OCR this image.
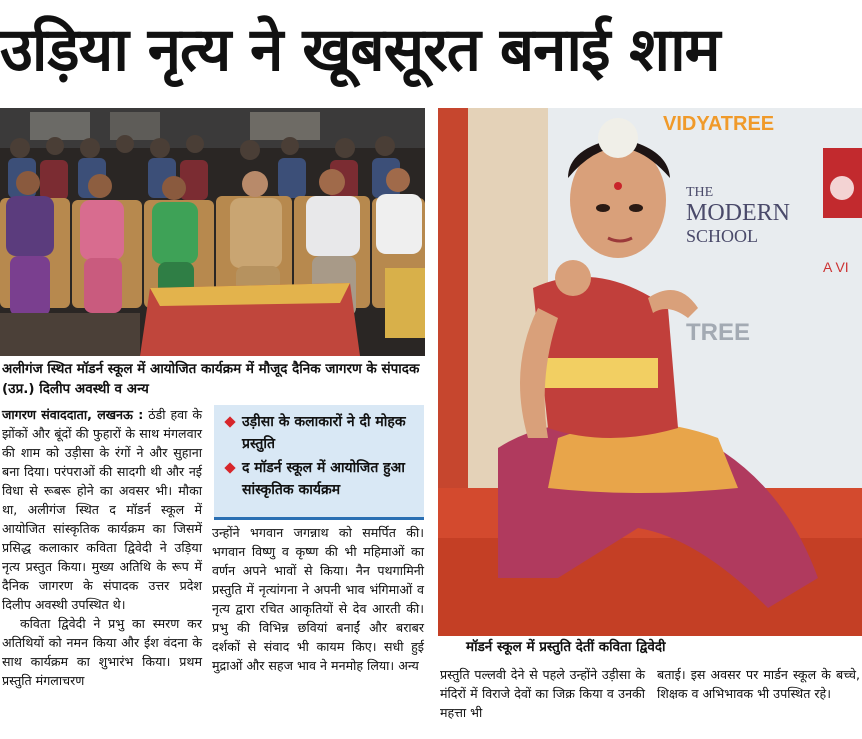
उड़िया नृत्य ने खूबसूरत बनाई शाम
अलीगंज स्थित मॉडर्न स्कूल में आयोजित कार्यक्रम में मौजूद दैनिक जागरण के संपादक (उप्र.) दिलीप अवस्थी व अन्य
VIDYATREE
THE
MODERN
SCHOOL
A VI
TREE
मॉडर्न स्कूल में प्रस्तुति देतीं कविता द्विवेदी

जागरण संवाददाता, लखनऊ : ठंडी हवा के झोंकों और बूंदों की फुहारों के साथ मंगलवार की शाम को उड़ीसा के रंगों ने और सुहाना बना दिया। परंपराओं की सादगी थी और नई विधा से रूबरू होने का अवसर भी। मौका था, अलीगंज स्थित द मॉडर्न स्कूल में आयोजित सांस्कृतिक कार्यक्रम का जिसमें प्रसिद्ध कलाकार कविता द्विवेदी ने उड़िया नृत्य प्रस्तुत किया। मुख्य अतिथि के रूप में दैनिक जागरण के संपादक उत्तर प्रदेश दिलीप अवस्थी उपस्थित थे।

कविता द्विवेदी ने प्रभु का स्मरण कर अतिथियों को नमन किया और ईश वंदना के साथ कार्यक्रम का शुभारंभ किया। प्रथम प्रस्तुति मंगलाचरण

उड़ीसा के कलाकारों ने दी मोहक प्रस्तुति
द मॉडर्न स्कूल में आयोजित हुआ सांस्कृतिक कार्यक्रम

उन्होंने भगवान जगन्नाथ को समर्पित की। भगवान विष्णु व कृष्ण की भी महिमाओं का वर्णन अपने भावों से किया। नैन पथगामिनी प्रस्तुति में नृत्यांगना ने अपनी भाव भंगिमाओं व नृत्य द्वारा रचित आकृतियों से देव आरती की। प्रभु की विभिन्न छवियां बनाईं और बराबर दर्शकों से संवाद भी कायम किए। सधी हुई मुद्राओं और सहज भाव ने मनमोह लिया। अन्य

प्रस्तुति पल्लवी देने से पहले उन्होंने उड़ीसा के मंदिरों में विराजे देवों का जिक्र किया व उनकी महत्ता भी

बताई। इस अवसर पर मार्डन स्कूल के बच्चे, शिक्षक व अभिभावक भी उपस्थित रहे।
